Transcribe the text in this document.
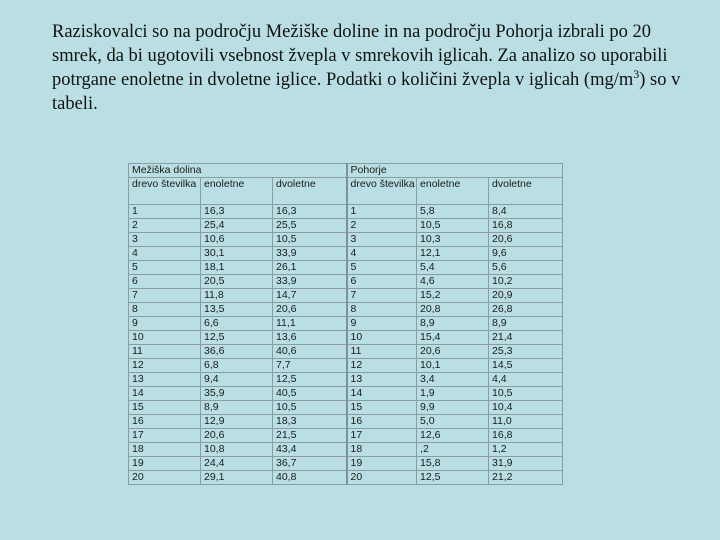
Raziskovalci so na področju Mežiške doline in na področju Pohorja izbrali po 20 smrek, da bi ugotovili vsebnost žvepla v smrekovih iglicah. Za analizo so uporabili potrgane enoletne in dvoletne iglice. Podatki o količini žvepla v iglicah $(mg/m^3)$ so v tabeli.

Mežiška dolina			Pohorje		
drevo številka	enoletne	dvoletne	drevo številka	enoletne	dvoletne
1	16,3	16,3	1	5,8	8,4
2	25,4	25,5	2	10,5	16,8
3	10,6	10,5	3	10,3	20,6
4	30,1	33,9	4	12,1	9,6
5	18,1	26,1	5	5,4	5,6
6	20,5	33,9	6	4,6	10,2
7	11,8	14,7	7	15,2	20,9
8	13,5	20,6	8	20,8	26,8
9	6,6	11,1	9	8,9	8,9
10	12,5	13,6	10	15,4	21,4
11	36,6	40,6	11	20,6	25,3
12	6,8	7,7	12	10,1	14,5
13	9,4	12,5	13	3,4	4,4
14	35,9	40,5	14	1,9	10,5
15	8,9	10,5	15	9,9	10,4
16	12,9	18,3	16	5,0	11,0
17	20,6	21,5	17	12,6	16,8
18	10,8	43,4	18	,2	1,2
19	24,4	36,7	19	15,8	31,9
20	29,1	40,8	20	12,5	21,2
